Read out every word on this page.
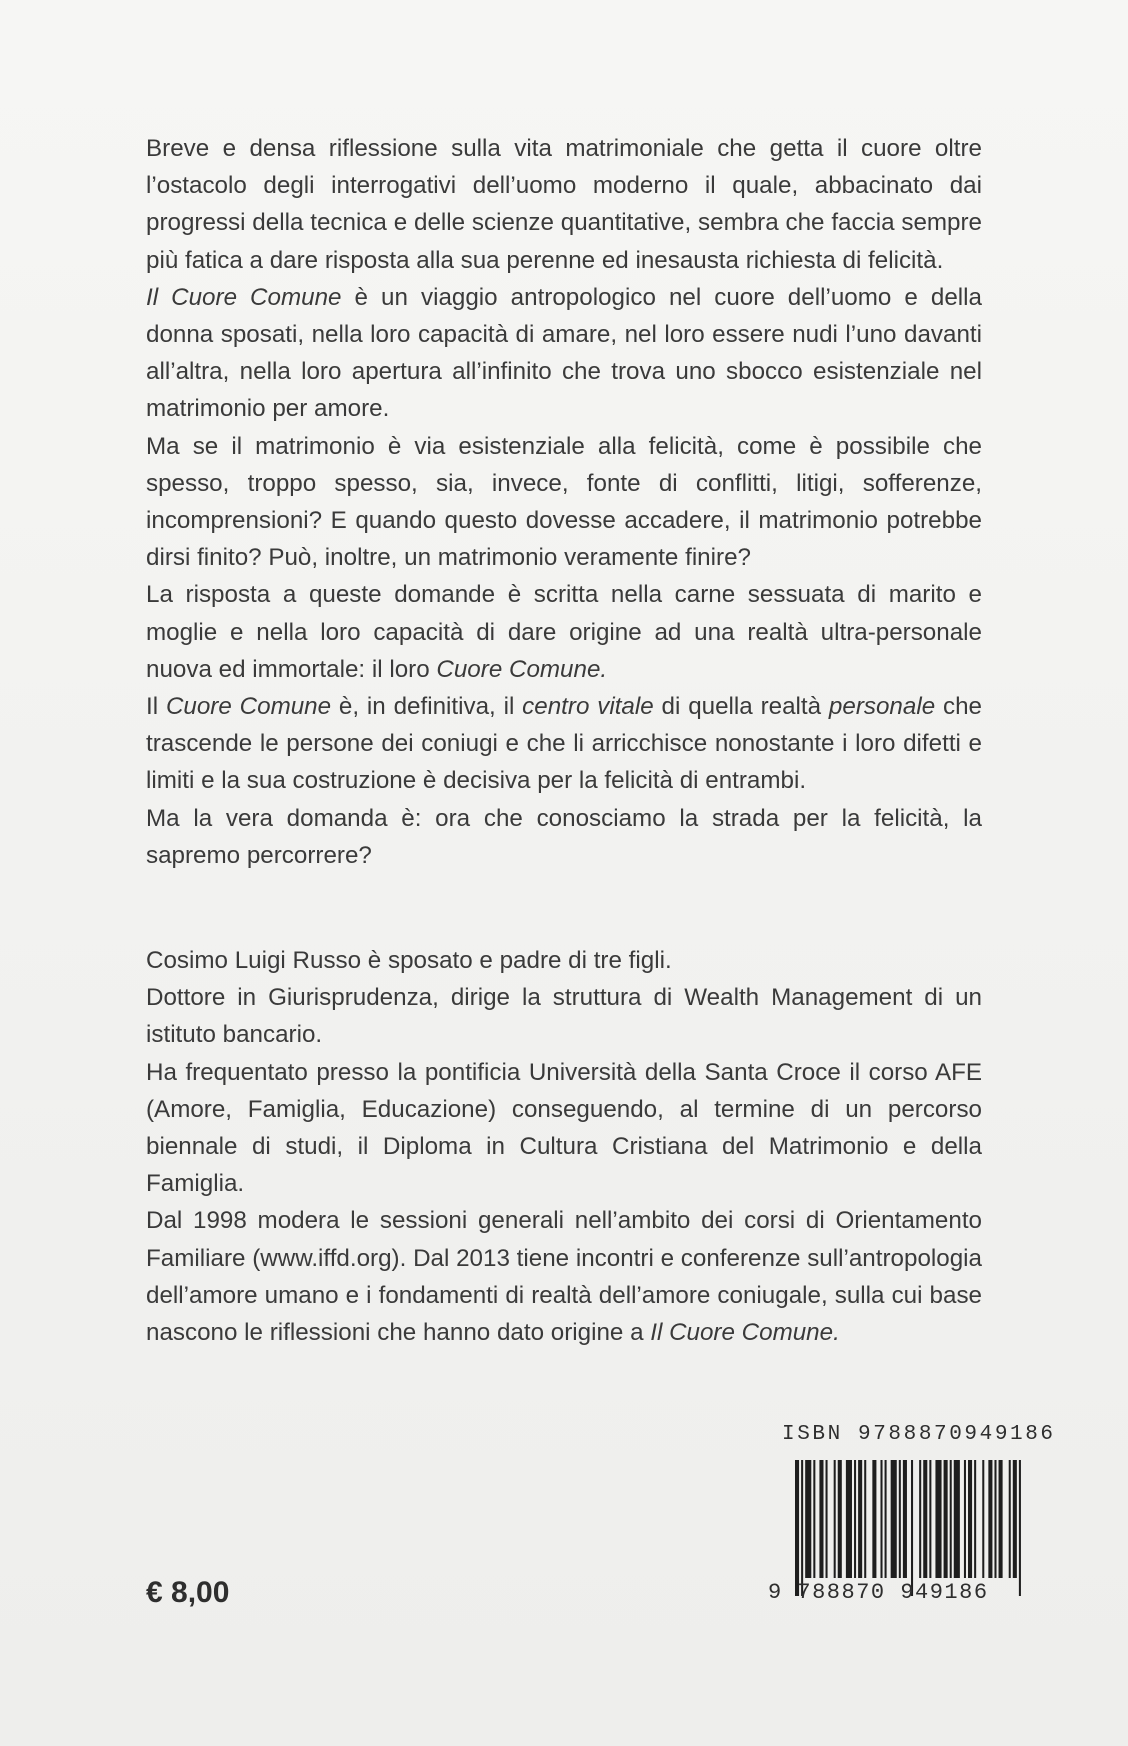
Breve e densa riflessione sulla vita matrimoniale che getta il cuore oltre l’ostacolo degli interrogativi dell’uomo moderno il quale, abbacinato dai progressi della tecnica e delle scienze quantitative, sembra che faccia sempre più fatica a dare risposta alla sua perenne ed inesausta richiesta di felicità.

Il Cuore Comune è un viaggio antropologico nel cuore dell’uomo e della donna sposati, nella loro capacità di amare, nel loro essere nudi l’uno davanti all’altra, nella loro apertura all’infinito che trova uno sbocco esistenziale nel matrimonio per amore.

Ma se il matrimonio è via esistenziale alla felicità, come è possibile che spesso, troppo spesso, sia, invece, fonte di conflitti, litigi, sofferenze, incomprensioni? E quando questo dovesse accadere, il matrimonio potrebbe dirsi finito? Può, inoltre, un matrimonio veramente finire?

La risposta a queste domande è scritta nella carne sessuata di marito e moglie e nella loro capacità di dare origine ad una realtà ultra-personale nuova ed immortale: il loro Cuore Comune.

Il Cuore Comune è, in definitiva, il centro vitale di quella realtà personale che trascende le persone dei coniugi e che li arricchisce nonostante i loro difetti e limiti e la sua costruzione è decisiva per la felicità di entrambi.

Ma la vera domanda è: ora che conosciamo la strada per la felicità, la sapremo percorrere?

Cosimo Luigi Russo è sposato e padre di tre figli.

Dottore in Giurisprudenza, dirige la struttura di Wealth Management di un istituto bancario.

Ha frequentato presso la pontificia Università della Santa Croce il corso AFE (Amore, Famiglia, Educazione) conseguendo, al termine di un percorso biennale di studi, il Diploma in Cultura Cristiana del Matrimonio e della Famiglia.

Dal 1998 modera le sessioni generali nell’ambito dei corsi di Orientamento Familiare (www.iffd.org). Dal 2013 tiene incontri e conferenze sull’antropologia dell’amore umano e i fondamenti di realtà dell’amore coniugale, sulla cui base nascono le riflessioni che hanno dato origine a Il Cuore Comune.

ISBN 9788870949186
9 788870 949186
€ 8,00
